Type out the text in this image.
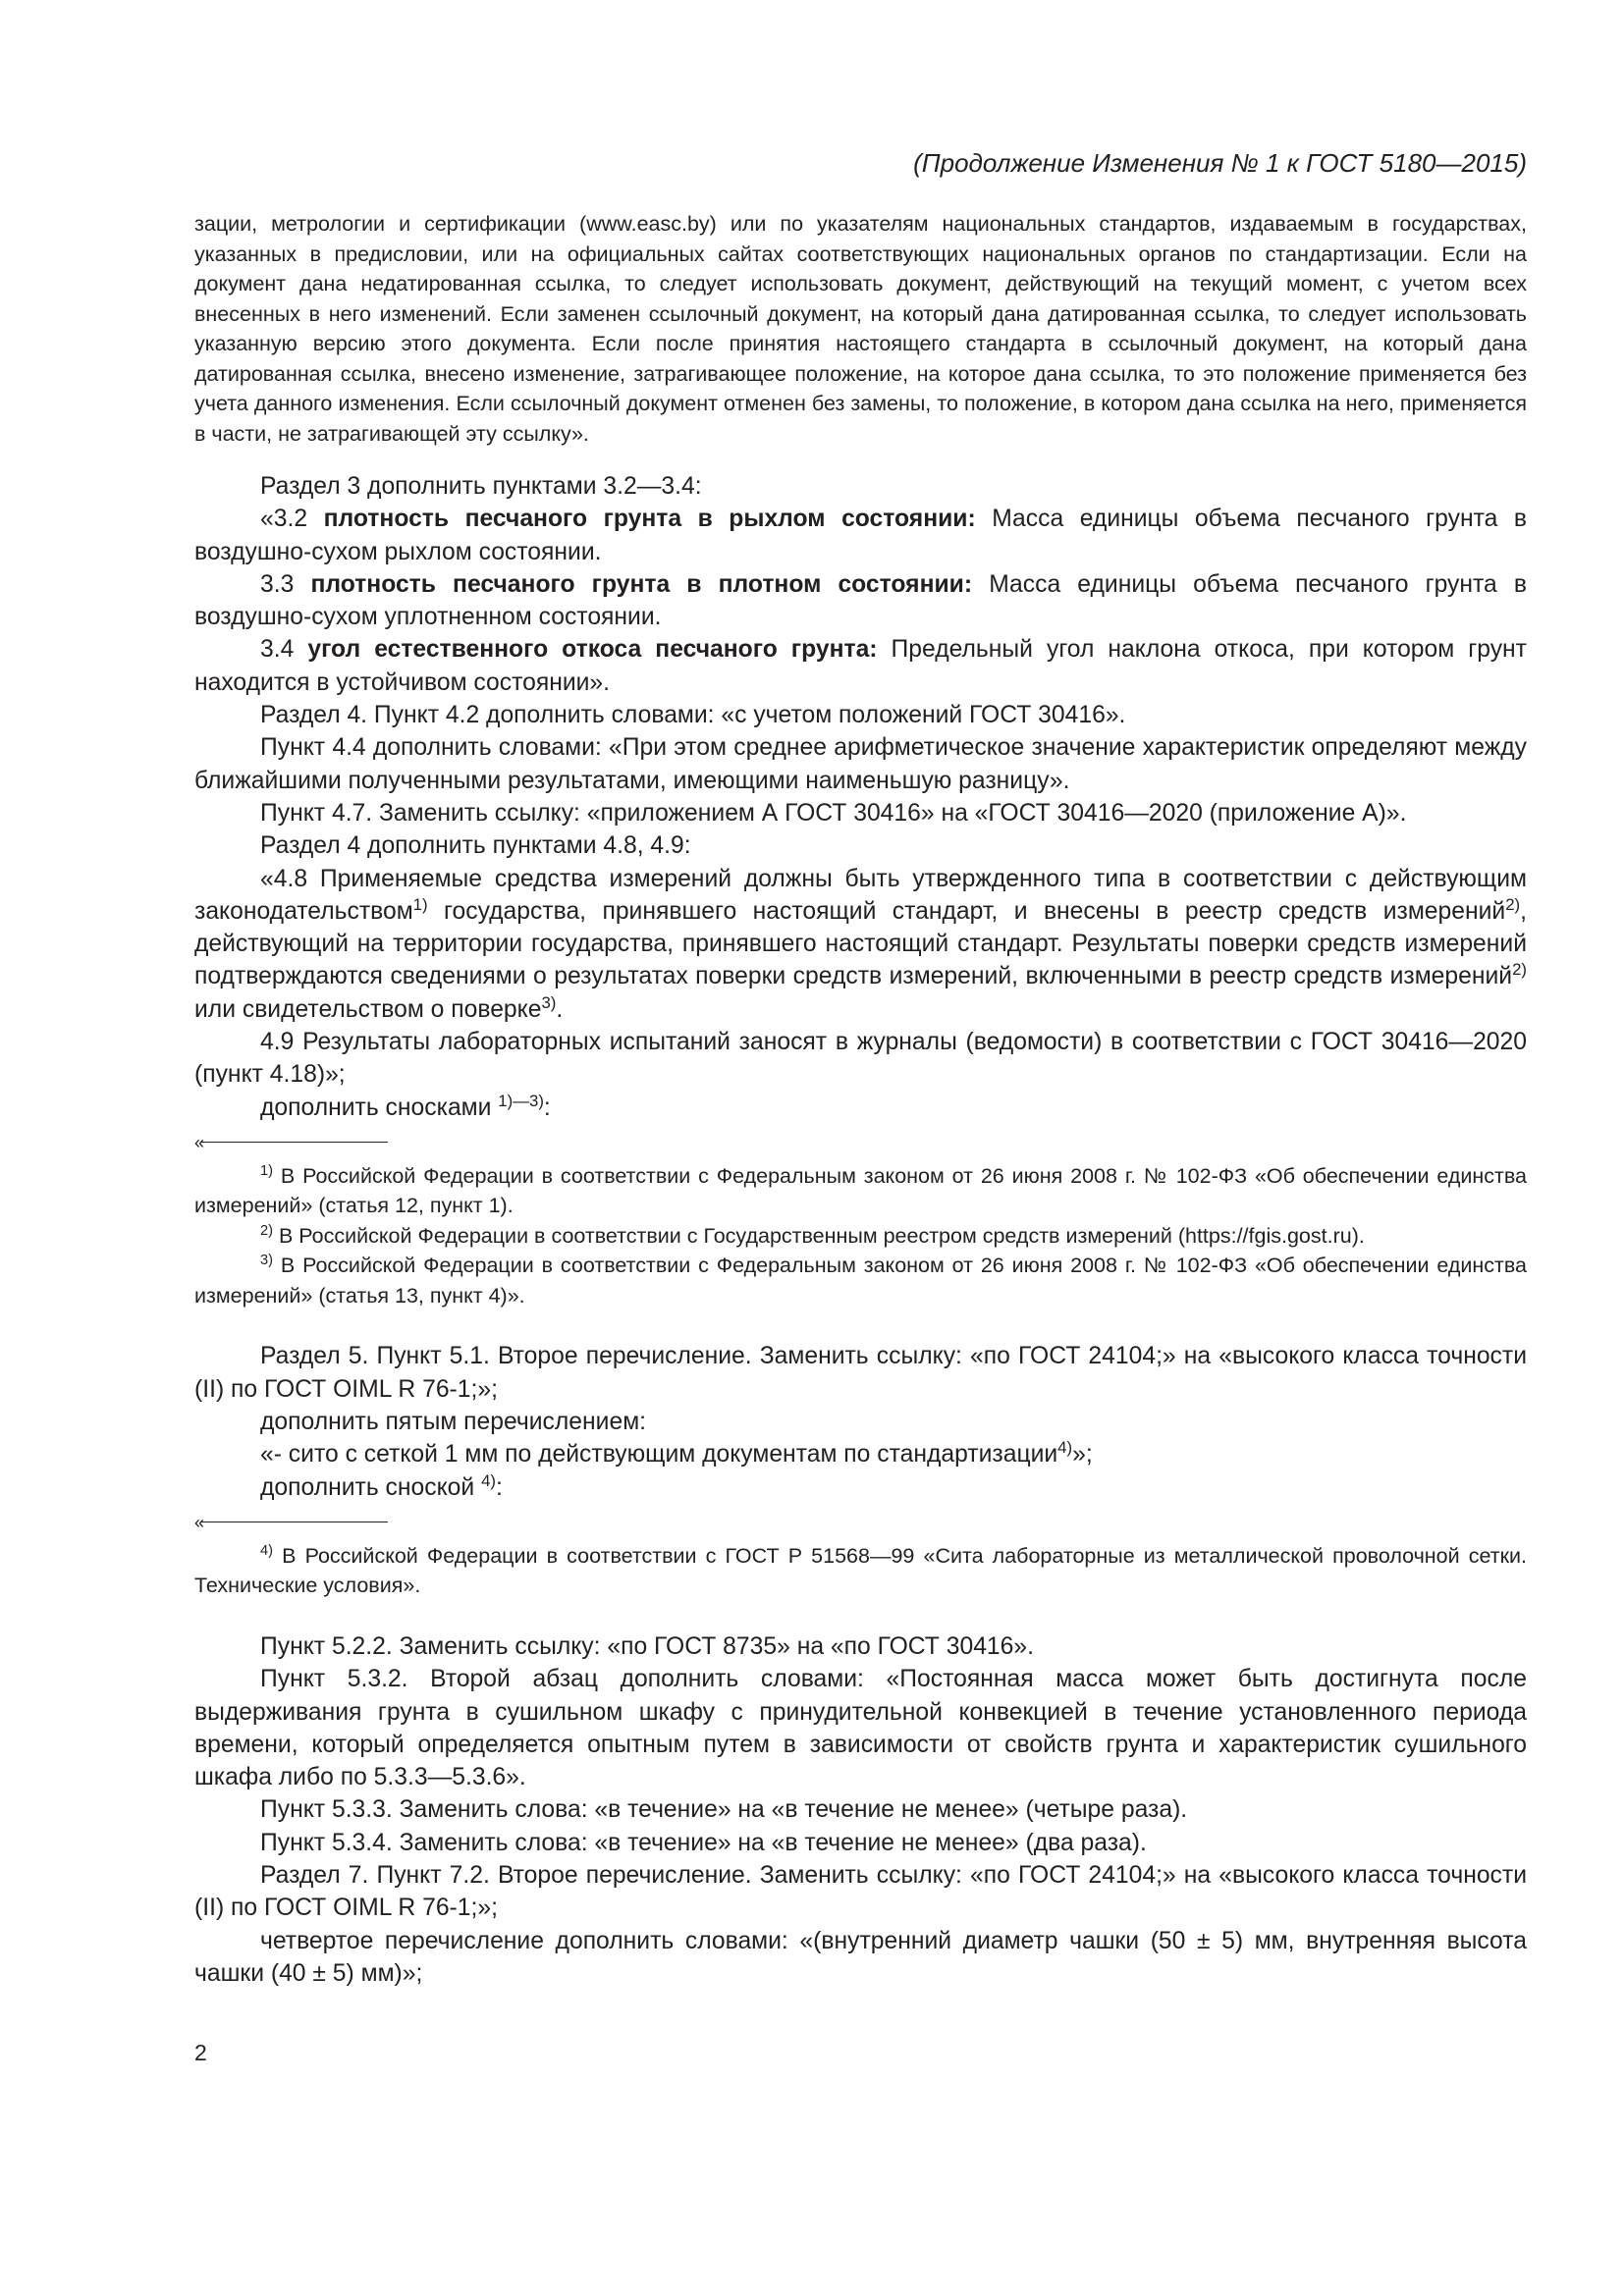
(Продолжение Изменения № 1 к ГОСТ 5180—2015)

зации, метрологии и сертификации (www.easc.by) или по указателям национальных стандартов, издаваемым в государствах, указанных в предисловии, или на официальных сайтах соответствующих национальных органов по стандартизации. Если на документ дана недатированная ссылка, то следует использовать документ, действующий на текущий момент, с учетом всех внесенных в него изменений. Если заменен ссылочный документ, на который дана датированная ссылка, то следует использовать указанную версию этого документа. Если после принятия настоящего стандарта в ссылочный документ, на который дана датированная ссылка, внесено изменение, затрагивающее положение, на которое дана ссылка, то это положение применяется без учета данного изменения. Если ссылочный документ отменен без замены, то положение, в котором дана ссылка на него, применяется в части, не затрагивающей эту ссылку».

Раздел 3 дополнить пунктами 3.2—3.4:

«3.2 плотность песчаного грунта в рыхлом состоянии: Масса единицы объема песчаного грунта в воздушно-сухом рыхлом состоянии.

3.3 плотность песчаного грунта в плотном состоянии: Масса единицы объема песчаного грунта в воздушно-сухом уплотненном состоянии.

3.4 угол естественного откоса песчаного грунта: Предельный угол наклона откоса, при котором грунт находится в устойчивом состоянии».

Раздел 4. Пункт 4.2 дополнить словами: «с учетом положений ГОСТ 30416».

Пункт 4.4 дополнить словами: «При этом среднее арифметическое значение характеристик определяют между ближайшими полученными результатами, имеющими наименьшую разницу».

Пункт 4.7. Заменить ссылку: «приложением А ГОСТ 30416» на «ГОСТ 30416—2020 (приложение А)».

Раздел 4 дополнить пунктами 4.8, 4.9:

«4.8 Применяемые средства измерений должны быть утвержденного типа в соответствии с действующим законодательством$^{1)}$ государства, принявшего настоящий стандарт, и внесены в реестр средств измерений$^{2)}$, действующий на территории государства, принявшего настоящий стандарт. Результаты поверки средств измерений подтверждаются сведениями о результатах поверки средств измерений, включенными в реестр средств измерений$^{2)}$ или свидетельством о поверке$^{3)}$.

4.9 Результаты лабораторных испытаний заносят в журналы (ведомости) в соответствии с ГОСТ 30416—2020 (пункт 4.18)»;

дополнить сносками $^{1)—3)}$:

«

$^{1)}$ В Российской Федерации в соответствии с Федеральным законом от 26 июня 2008 г. № 102-ФЗ «Об обеспечении единства измерений» (статья 12, пункт 1).

$^{2)}$ В Российской Федерации в соответствии с Государственным реестром средств измерений (https://fgis.gost.ru).

$^{3)}$ В Российской Федерации в соответствии с Федеральным законом от 26 июня 2008 г. № 102-ФЗ «Об обеспечении единства измерений» (статья 13, пункт 4)».

Раздел 5. Пункт 5.1. Второе перечисление. Заменить ссылку: «по ГОСТ 24104;» на «высокого класса точности (II) по ГОСТ OIML R 76-1;»;

дополнить пятым перечислением:

«- сито с сеткой 1 мм по действующим документам по стандартизации$^{4)}$»;

дополнить сноской $^{4)}$:

«

$^{4)}$ В Российской Федерации в соответствии с ГОСТ Р 51568—99 «Сита лабораторные из металлической проволочной сетки. Технические условия».

Пункт 5.2.2. Заменить ссылку: «по ГОСТ 8735» на «по ГОСТ 30416».

Пункт 5.3.2. Второй абзац дополнить словами: «Постоянная масса может быть достигнута после выдерживания грунта в сушильном шкафу с принудительной конвекцией в течение установленного периода времени, который определяется опытным путем в зависимости от свойств грунта и характеристик сушильного шкафа либо по 5.3.3—5.3.6».

Пункт 5.3.3. Заменить слова: «в течение» на «в течение не менее» (четыре раза).

Пункт 5.3.4. Заменить слова: «в течение» на «в течение не менее» (два раза).

Раздел 7. Пункт 7.2. Второе перечисление. Заменить ссылку: «по ГОСТ 24104;» на «высокого класса точности (II) по ГОСТ OIML R 76-1;»;

четвертое перечисление дополнить словами: «(внутренний диаметр чашки (50 ± 5) мм, внутренняя высота чашки (40 ± 5) мм)»;

2
